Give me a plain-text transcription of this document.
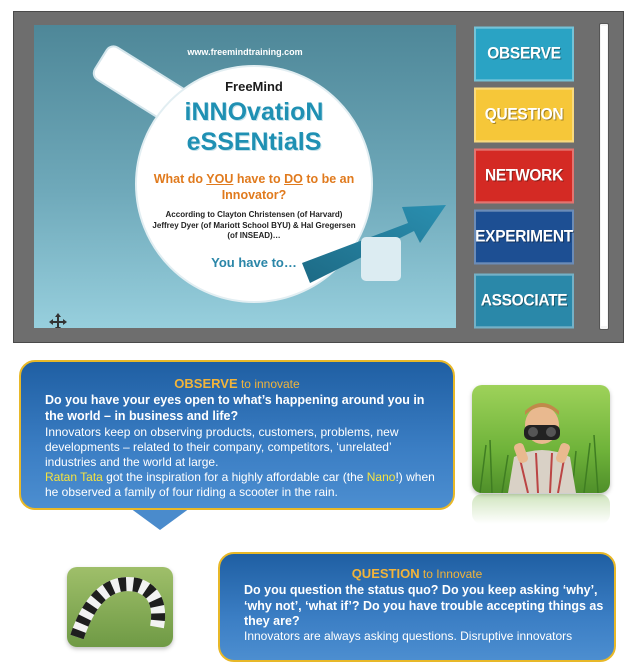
www.freemindtraining.com
FreeMind
iNNOvatioN
eSSENtialS
What do YOU have to DO to be an Innovator?
According to Clayton Christensen (of Harvard) Jeffrey Dyer (of Mariott School BYU) & Hal Gregersen (of INSEAD)…
You have to…
OBSERVE
QUESTION
NETWORK
EXPERIMENT
ASSOCIATE
OBSERVE to innovate
Do you have your eyes open to what’s happening around you in the world – in business and life?
Innovators keep on observing products, customers, problems, new developments – related to their company, competitors, ‘unrelated’ industries and the world at large.
Ratan Tata got the inspiration for a highly affordable car (the Nano!) when he observed a family of four riding a scooter in the rain.
QUESTION to Innovate
Do you question the status quo? Do you keep asking ‘why’, ‘why not’, ‘what if’? Do you have trouble accepting things as they are?
Innovators are always asking questions. Disruptive innovators
